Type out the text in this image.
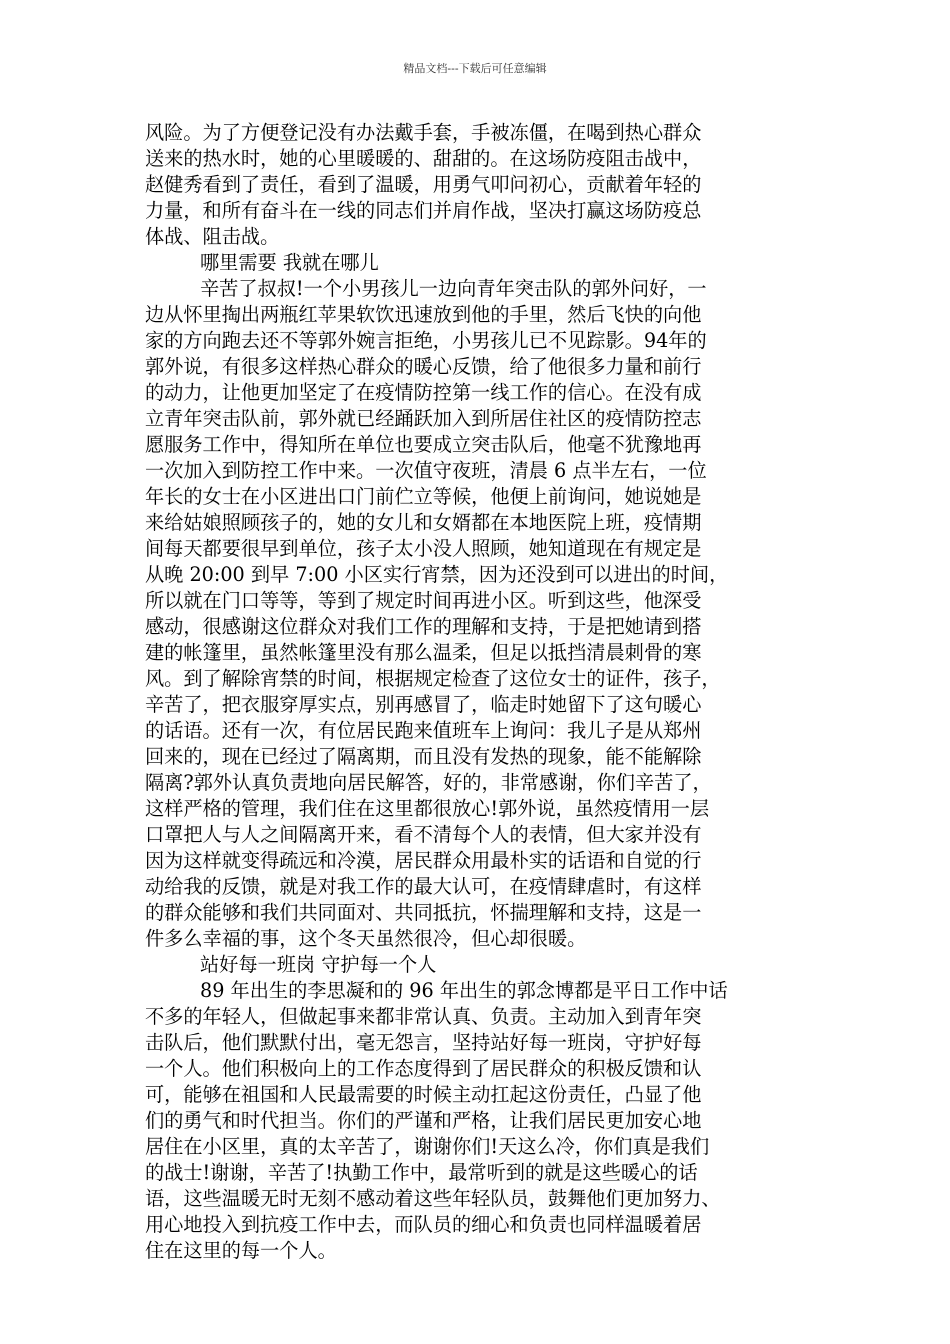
精品文档---下载后可任意编辑
风险。为了方便登记没有办法戴手套，手被冻僵，在喝到热心群众
送来的热水时，她的心里暖暖的、甜甜的。在这场防疫阻击战中，
赵健秀看到了责任，看到了温暖，用勇气叩问初心，贡献着年轻的
力量，和所有奋斗在一线的同志们并肩作战，坚决打赢这场防疫总
体战、阻击战。
哪里需要 我就在哪儿
辛苦了叔叔!一个小男孩儿一边向青年突击队的郭外问好，一
边从怀里掏出两瓶红苹果软饮迅速放到他的手里，然后飞快的向他
家的方向跑去还不等郭外婉言拒绝，小男孩儿已不见踪影。94年的
郭外说，有很多这样热心群众的暖心反馈，给了他很多力量和前行
的动力，让他更加坚定了在疫情防控第一线工作的信心。在没有成
立青年突击队前，郭外就已经踊跃加入到所居住社区的疫情防控志
愿服务工作中，得知所在单位也要成立突击队后，他毫不犹豫地再
一次加入到防控工作中来。一次值守夜班，清晨 6 点半左右，一位
年长的女士在小区进出口门前伫立等候，他便上前询问，她说她是
来给姑娘照顾孩子的，她的女儿和女婿都在本地医院上班，疫情期
间每天都要很早到单位，孩子太小没人照顾，她知道现在有规定是
从晚 20:00 到早 7:00 小区实行宵禁，因为还没到可以进出的时间，
所以就在门口等等，等到了规定时间再进小区。听到这些，他深受
感动，很感谢这位群众对我们工作的理解和支持，于是把她请到搭
建的帐篷里，虽然帐篷里没有那么温柔，但足以抵挡清晨刺骨的寒
风。到了解除宵禁的时间，根据规定检查了这位女士的证件，孩子，
辛苦了，把衣服穿厚实点，别再感冒了，临走时她留下了这句暖心
的话语。还有一次，有位居民跑来值班车上询问：我儿子是从郑州
回来的，现在已经过了隔离期，而且没有发热的现象，能不能解除
隔离?郭外认真负责地向居民解答，好的，非常感谢，你们辛苦了，
这样严格的管理，我们住在这里都很放心!郭外说，虽然疫情用一层
口罩把人与人之间隔离开来，看不清每个人的表情，但大家并没有
因为这样就变得疏远和冷漠，居民群众用最朴实的话语和自觉的行
动给我的反馈，就是对我工作的最大认可，在疫情肆虐时，有这样
的群众能够和我们共同面对、共同抵抗，怀揣理解和支持，这是一
件多么幸福的事，这个冬天虽然很冷，但心却很暖。
站好每一班岗 守护每一个人
89 年出生的李思凝和的 96 年出生的郭念博都是平日工作中话
不多的年轻人，但做起事来都非常认真、负责。主动加入到青年突
击队后，他们默默付出，毫无怨言，坚持站好每一班岗，守护好每
一个人。他们积极向上的工作态度得到了居民群众的积极反馈和认
可，能够在祖国和人民最需要的时候主动扛起这份责任，凸显了他
们的勇气和时代担当。你们的严谨和严格，让我们居民更加安心地
居住在小区里，真的太辛苦了，谢谢你们!天这么冷，你们真是我们
的战士!谢谢，辛苦了!执勤工作中，最常听到的就是这些暖心的话
语，这些温暖无时无刻不感动着这些年轻队员，鼓舞他们更加努力、
用心地投入到抗疫工作中去，而队员的细心和负责也同样温暖着居
住在这里的每一个人。
